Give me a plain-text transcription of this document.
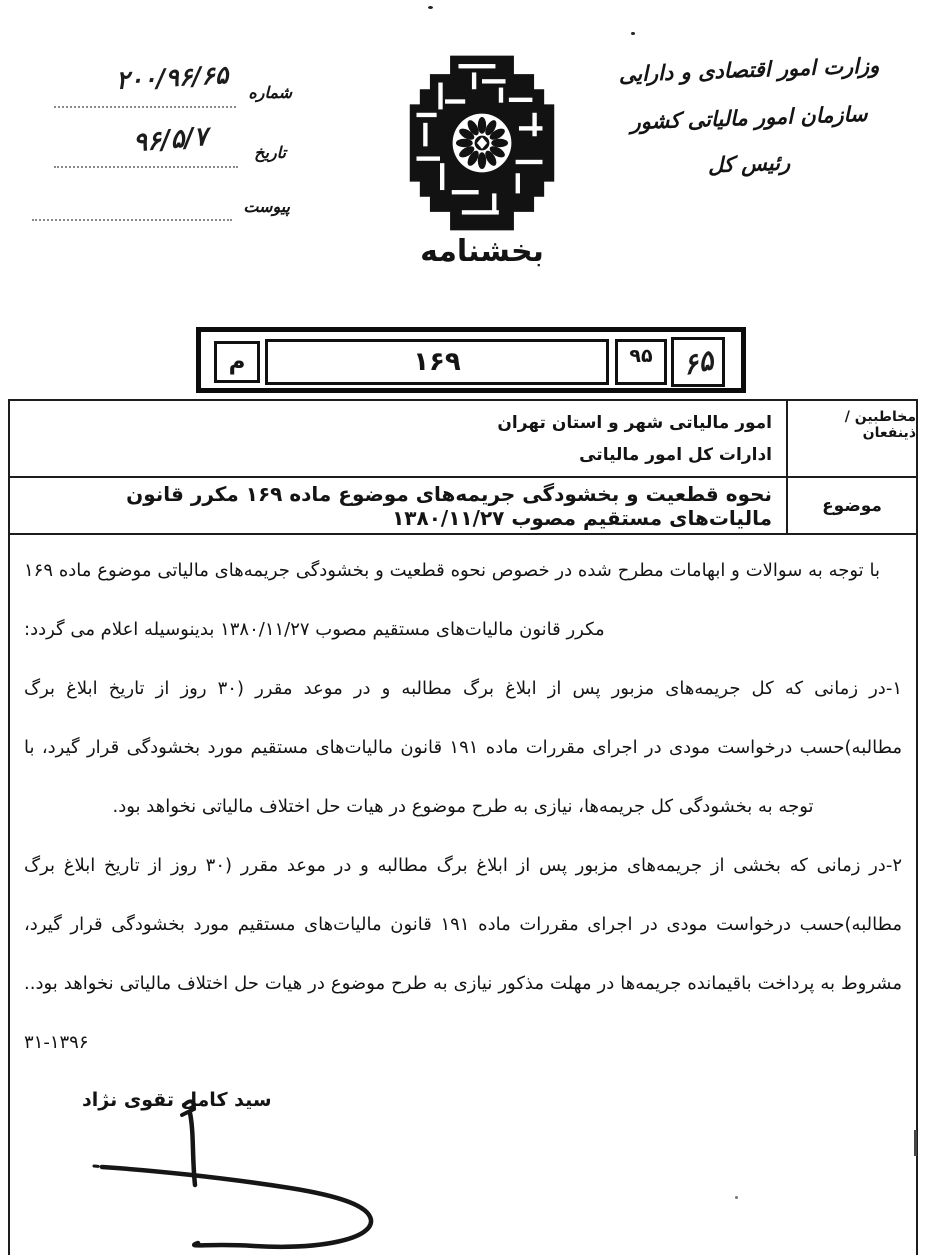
شماره
۲۰۰/۹۶/۶۵
تاریخ
۹۶/۵/۷
پیوست
وزارت امور اقتصادی و دارایی
سازمان امور مالیاتی کشور
رئیس کل
بخشنامه
م	۱۶۹	۹۵ ۶۵
مخاطبین / ذینفعان
امور مالیاتی شهر و استان تهران
ادارات کل امور مالیاتی
موضوع
نحوه قطعیت و بخشودگی جریمه‌های موضوع ماده ۱۶۹ مکرر قانون مالیات‌های مستقیم مصوب ۱۳۸۰/۱۱/۲۷

با توجه به سوالات و ابهامات مطرح شده در خصوص نحوه قطعیت و بخشودگی جریمه‌های مالیاتی موضوع ماده ۱۶۹ مکرر قانون مالیات‌های مستقیم مصوب ۱۳۸۰/۱۱/۲۷ بدینوسیله اعلام می گردد:

۱-در زمانی که کل جریمه‌های مزبور پس از ابلاغ برگ مطالبه و در موعد مقرر (۳۰ روز از تاریخ ابلاغ برگ مطالبه)حسب درخواست مودی در اجرای مقررات ماده ۱۹۱ قانون مالیات‌های مستقیم مورد بخشودگی قرار گیرد، با توجه به بخشودگی کل جریمه‌ها، نیازی به طرح موضوع در هیات حل اختلاف مالیاتی نخواهد بود.

۲-در زمانی که بخشی از جریمه‌های مزبور پس از ابلاغ برگ مطالبه و در موعد مقرر (۳۰ روز از تاریخ ابلاغ برگ مطالبه)حسب درخواست مودی در اجرای مقررات ماده ۱۹۱ قانون مالیات‌های مستقیم مورد بخشودگی قرار گیرد، مشروط به پرداخت باقیمانده جریمه‌ها در مهلت مذکور نیازی به طرح موضوع در هیات حل اختلاف مالیاتی نخواهد بود.. ۱۳۹۶-۳۱

سید کامل تقوی نژاد
